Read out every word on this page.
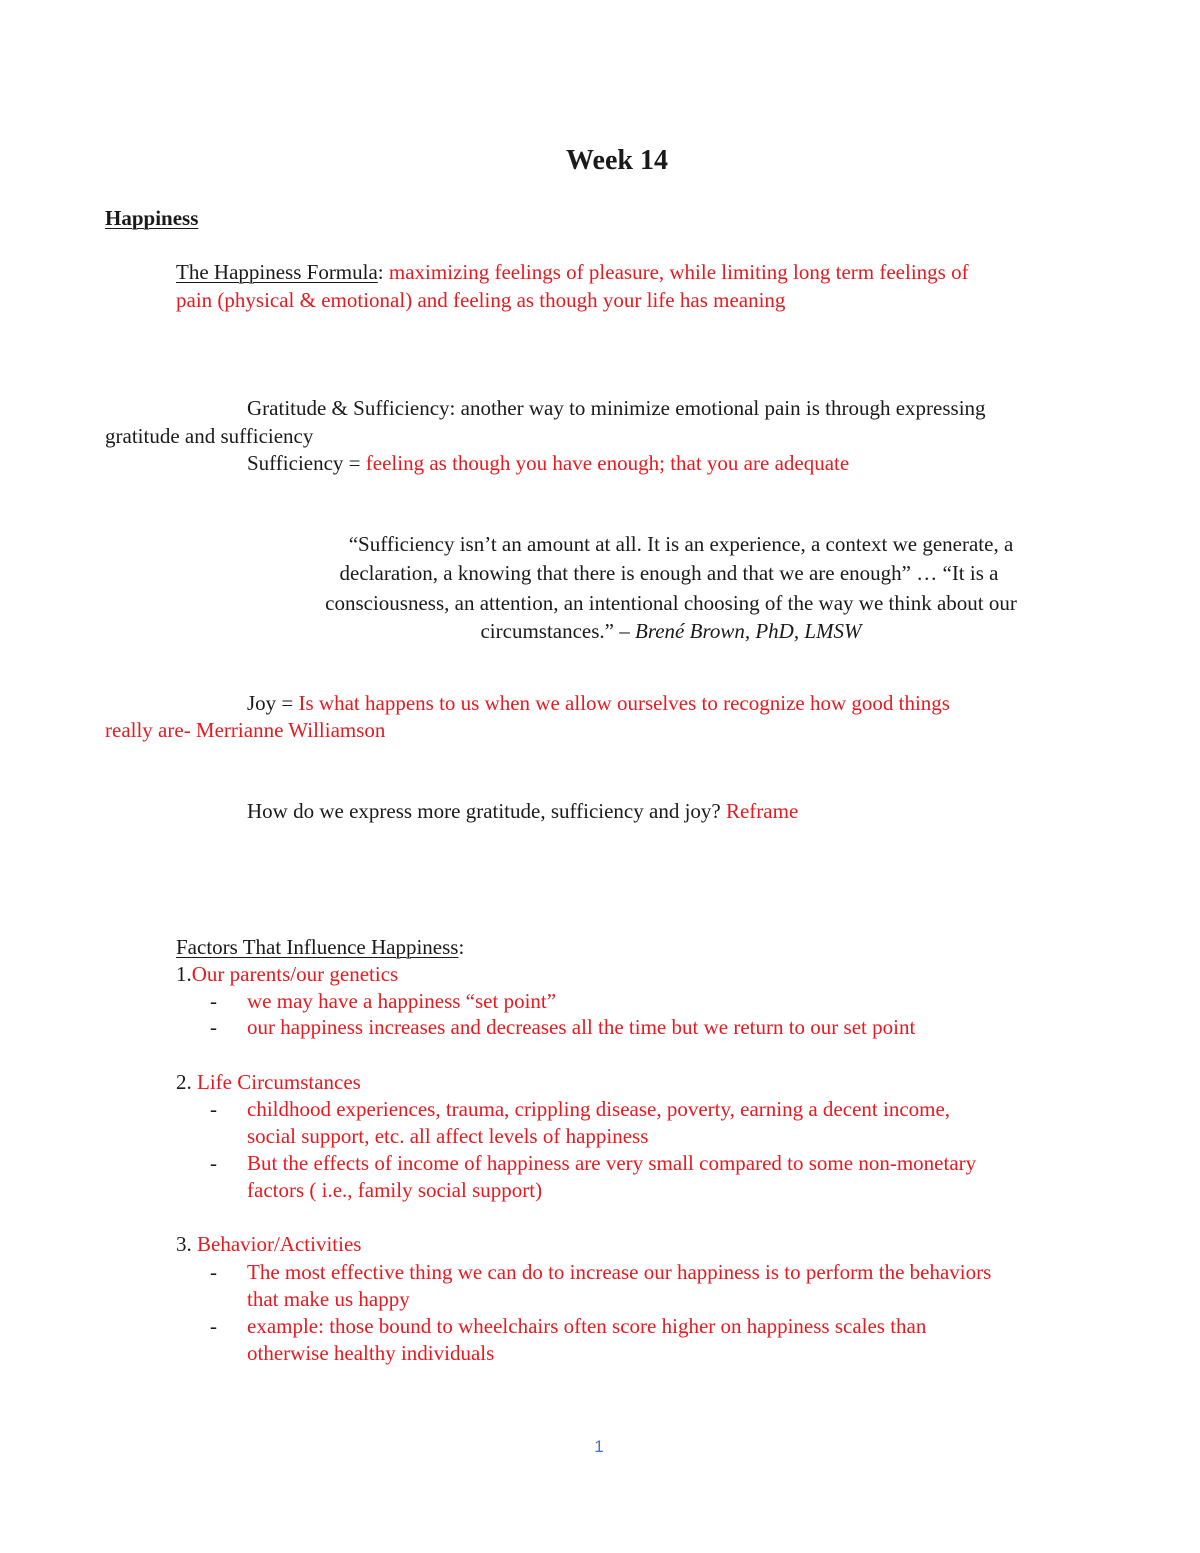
Week 14
Happiness
The Happiness Formula: maximizing feelings of pleasure, while limiting long term feelings of
pain (physical & emotional) and feeling as though your life has meaning
Gratitude & Sufficiency: another way to minimize emotional pain is through expressing
gratitude and sufficiency
Sufficiency = feeling as though you have enough; that you are adequate
“Sufficiency isn’t an amount at all. It is an experience, a context we generate, a
declaration, a knowing that there is enough and that we are enough” … “It is a
consciousness, an attention, an intentional choosing of the way we think about our
circumstances.” – Brené Brown, PhD, LMSW
Joy = Is what happens to us when we allow ourselves to recognize how good things
really are- Merrianne Williamson
How do we express more gratitude, sufficiency and joy? Reframe
Factors That Influence Happiness:
1.Our parents/our genetics
- we may have a happiness “set point”
- our happiness increases and decreases all the time but we return to our set point
2. Life Circumstances
- childhood experiences, trauma, crippling disease, poverty, earning a decent income,
social support, etc. all affect levels of happiness
- But the effects of income of happiness are very small compared to some non-monetary
factors ( i.e., family social support)
3. Behavior/Activities
- The most effective thing we can do to increase our happiness is to perform the behaviors
that make us happy
- example: those bound to wheelchairs often score higher on happiness scales than
otherwise healthy individuals
1
